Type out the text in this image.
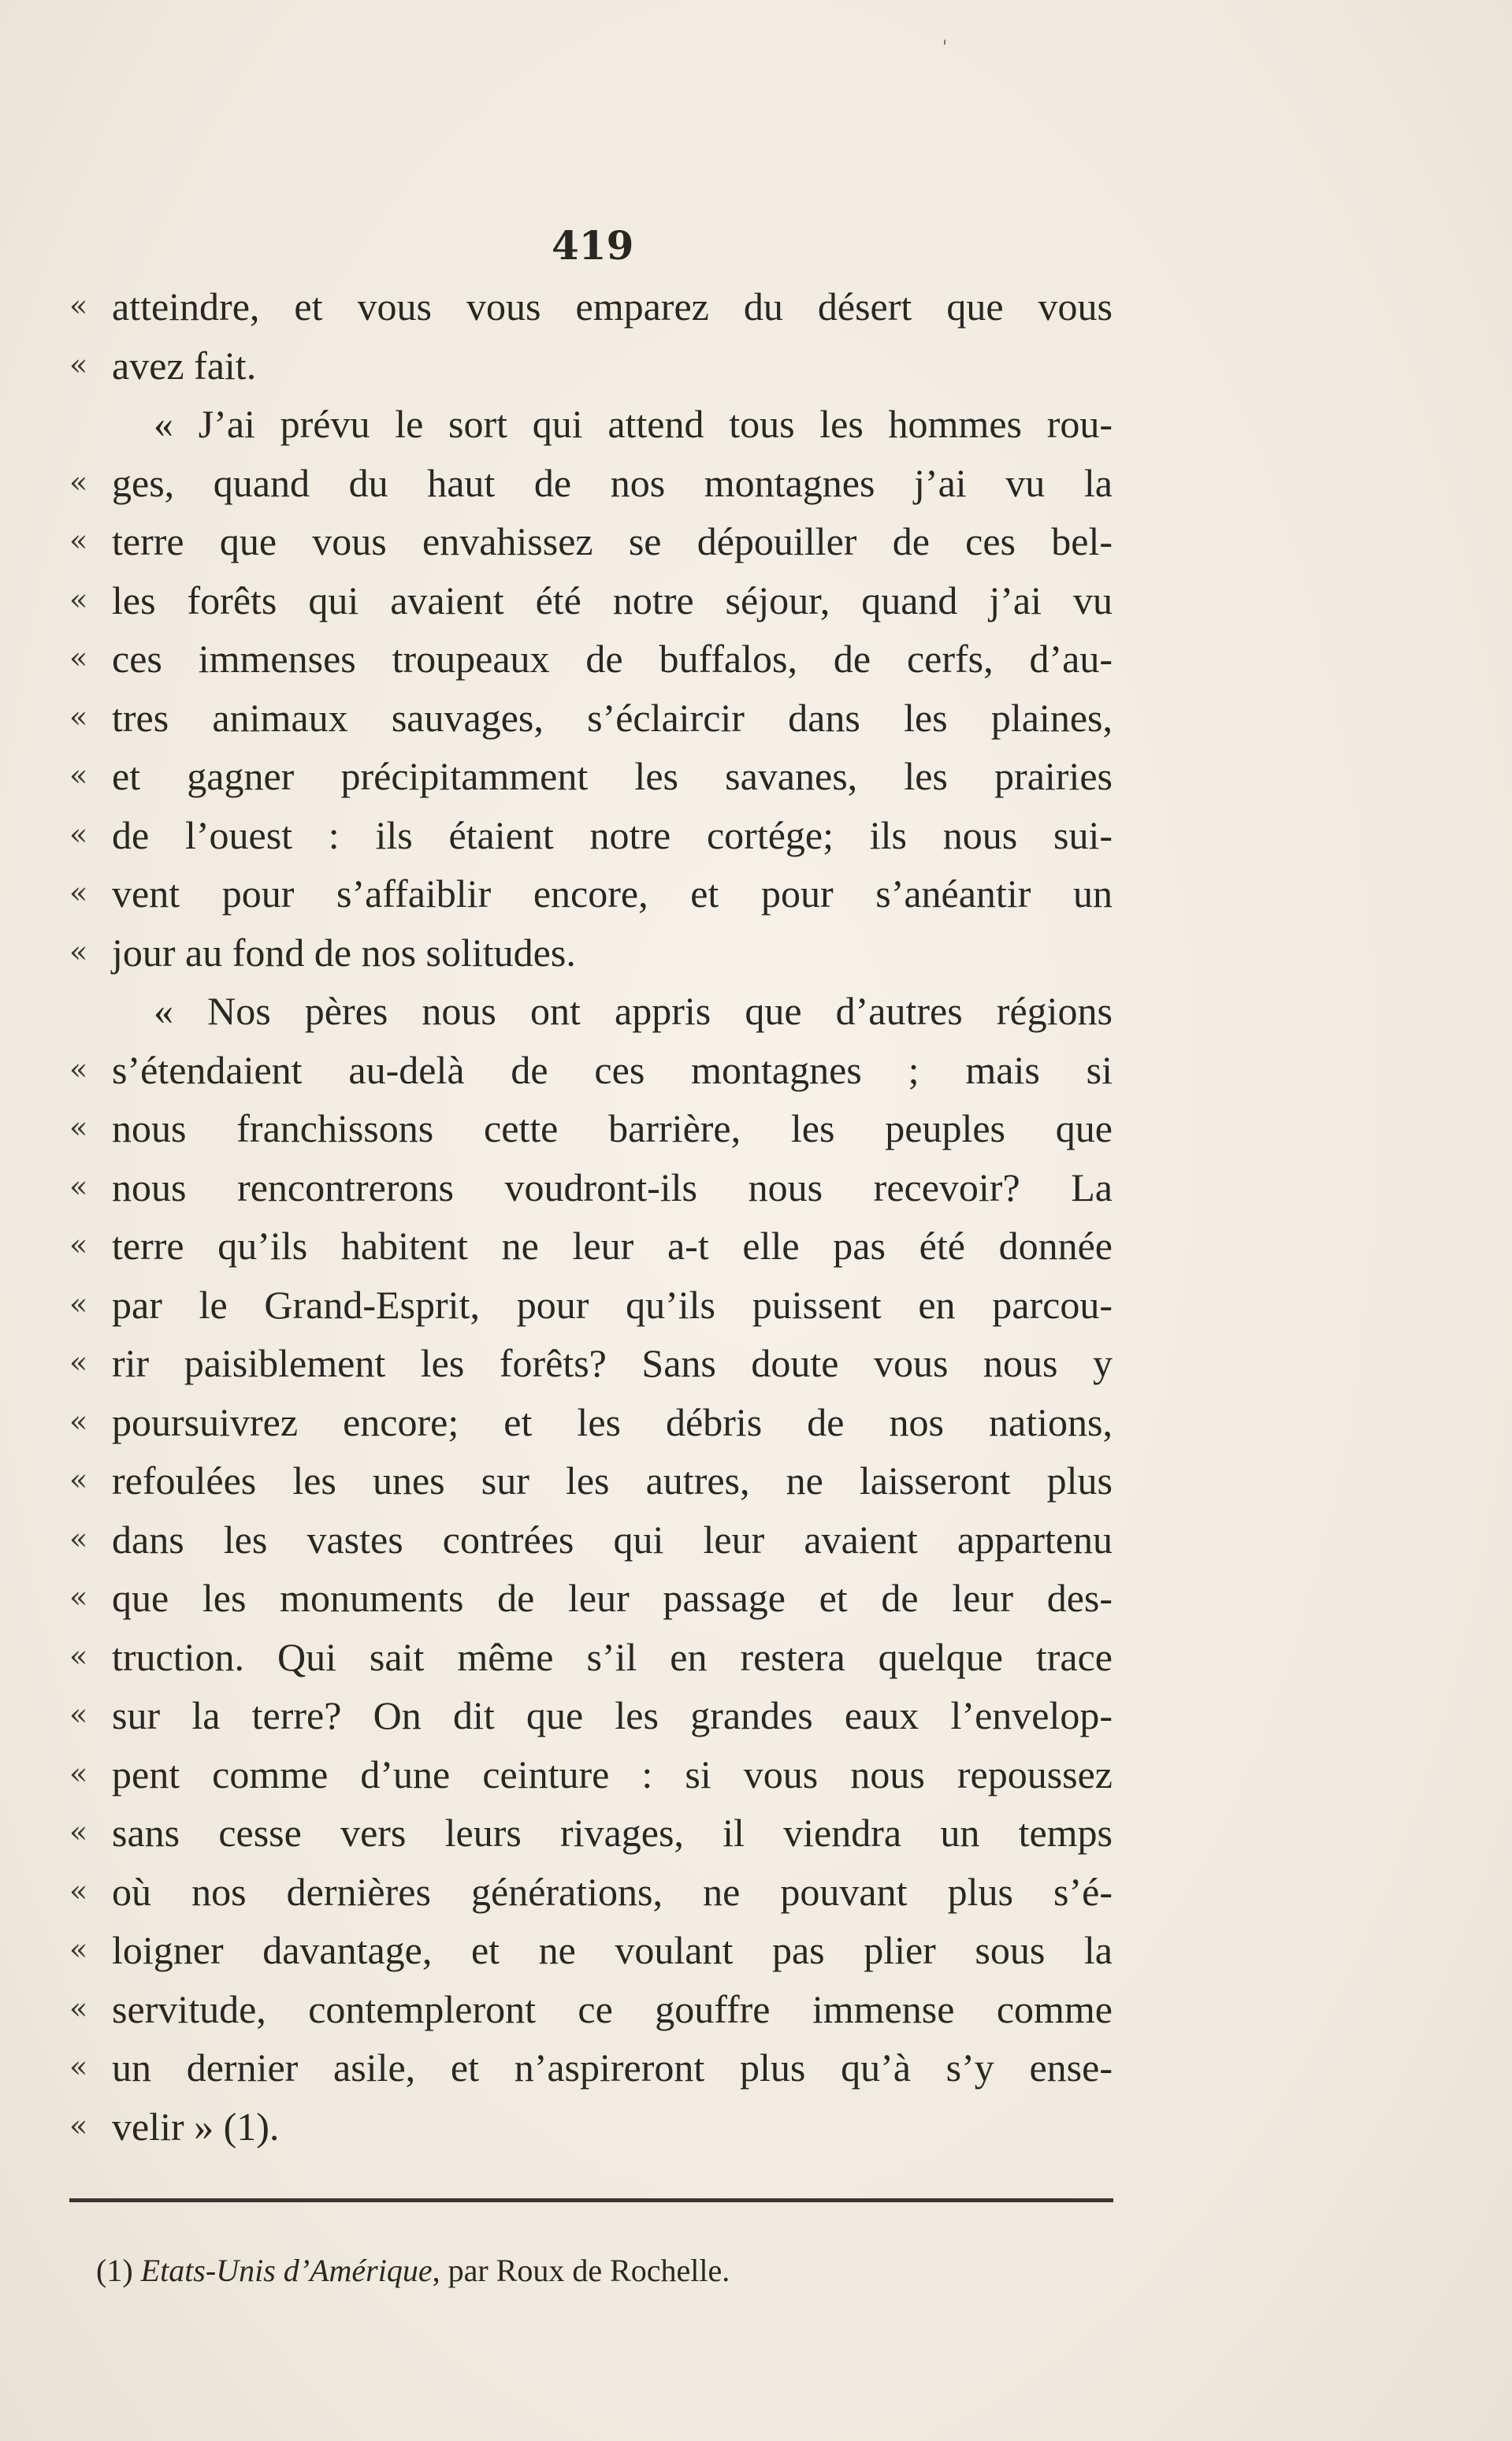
'
419
« atteindre, et vous vous emparez du désert que vous
« avez fait.
« J’ai prévu le sort qui attend tous les hommes rou-
« ges, quand du haut de nos montagnes j’ai vu la
« terre que vous envahissez se dépouiller de ces bel-
« les forêts qui avaient été notre séjour, quand j’ai vu
« ces immenses troupeaux de buffalos, de cerfs, d’au-
« tres animaux sauvages, s’éclaircir dans les plaines,
« et gagner précipitamment les savanes, les prairies
« de l’ouest : ils étaient notre cortége; ils nous sui-
« vent pour s’affaiblir encore, et pour s’anéantir un
« jour au fond de nos solitudes.
« Nos pères nous ont appris que d’autres régions
« s’étendaient au-delà de ces montagnes ; mais si
« nous franchissons cette barrière, les peuples que
« nous rencontrerons voudront-ils nous recevoir? La
« terre qu’ils habitent ne leur a-t elle pas été donnée
« par le Grand-Esprit, pour qu’ils puissent en parcou-
« rir paisiblement les forêts? Sans doute vous nous y
« poursuivrez encore; et les débris de nos nations,
« refoulées les unes sur les autres, ne laisseront plus
« dans les vastes contrées qui leur avaient appartenu
« que les monuments de leur passage et de leur des-
« truction. Qui sait même s’il en restera quelque trace
« sur la terre? On dit que les grandes eaux l’envelop-
« pent comme d’une ceinture : si vous nous repoussez
« sans cesse vers leurs rivages, il viendra un temps
« où nos dernières générations, ne pouvant plus s’é-
« loigner davantage, et ne voulant pas plier sous la
« servitude, contempleront ce gouffre immense comme
« un dernier asile, et n’aspireront plus qu’à s’y ense-
« velir » (1).
(1) Etats-Unis d’Amérique, par Roux de Rochelle.
